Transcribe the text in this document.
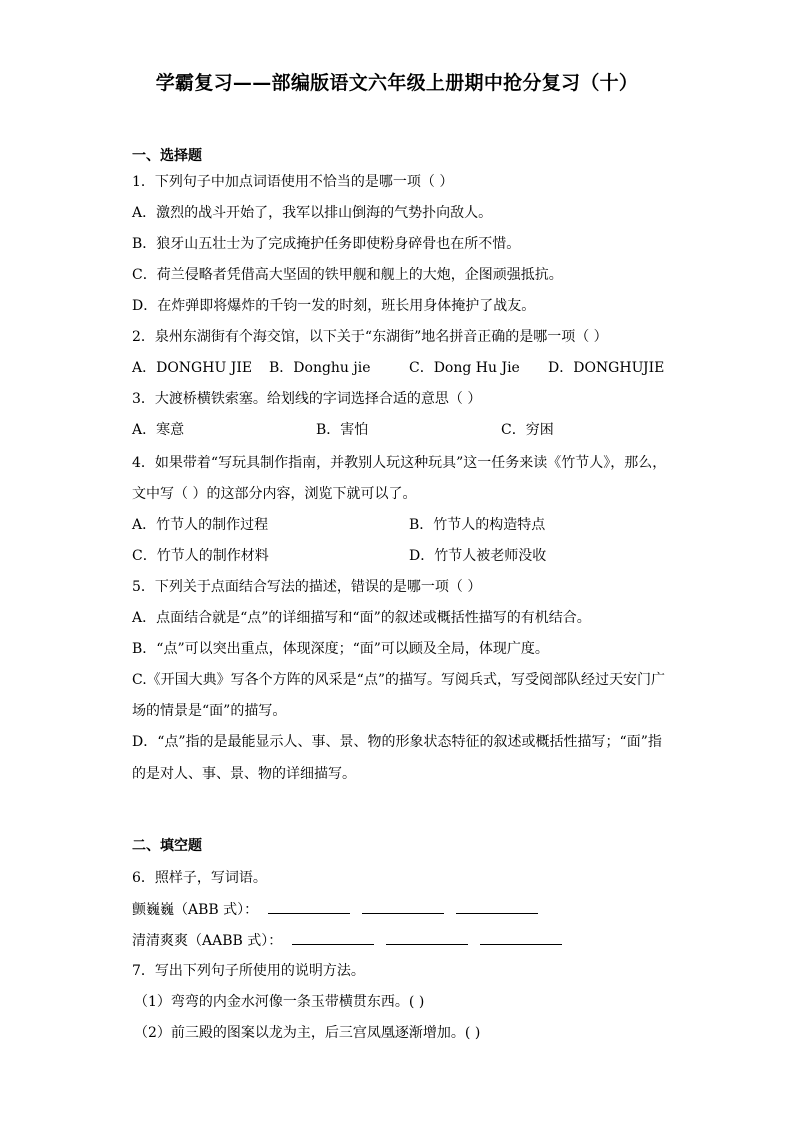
学霸复习——部编版语文六年级上册期中抢分复习（十）
一、选择题
1．下列句子中加点词语使用不恰当的是哪一项（ ）
A．激烈的战斗开始了，我军以排山倒海的气势扑向敌人。
B．狼牙山五壮士为了完成掩护任务即使粉身碎骨也在所不惜。
C．荷兰侵略者凭借高大坚固的铁甲舰和舰上的大炮，企图顽强抵抗。
D．在炸弹即将爆炸的千钧一发的时刻，班长用身体掩护了战友。
2．泉州东湖街有个海交馆，以下关于“东湖街”地名拼音正确的是哪一项（ ）
A．DONGHU JIE B．Donghu jie	C．Dong Hu Jie D．DONGHUJIE
3．大渡桥横铁索塞。给划线的字词选择合适的意思（ ）
A．寒意	B．害怕	C．穷困
4．如果带着“写玩具制作指南，并教别人玩这种玩具”这一任务来读《竹节人》，那么，
文中写（ ）的这部分内容，浏览下就可以了。
A．竹节人的制作过程	B．竹节人的构造特点
C．竹节人的制作材料	D．竹节人被老师没收
5．下列关于点面结合写法的描述，错误的是哪一项（ ）
A．点面结合就是“点”的详细描写和“面”的叙述或概括性描写的有机结合。
B．“点”可以突出重点，体现深度；“面”可以顾及全局，体现广度。
C.《开国大典》写各个方阵的风采是“点”的描写。写阅兵式，写受阅部队经过天安门广
场的情景是“面”的描写。
D．“点”指的是最能显示人、事、景、物的形象状态特征的叙述或概括性描写；“面”指
的是对人、事、景、物的详细描写。
二、填空题
6．照样子，写词语。
颤巍巍（ABB 式）：
清清爽爽（AABB 式）：
7．写出下列句子所使用的说明方法。
（1）弯弯的内金水河像一条玉带横贯东西。( )
（2）前三殿的图案以龙为主，后三宫凤凰逐渐增加。( )
